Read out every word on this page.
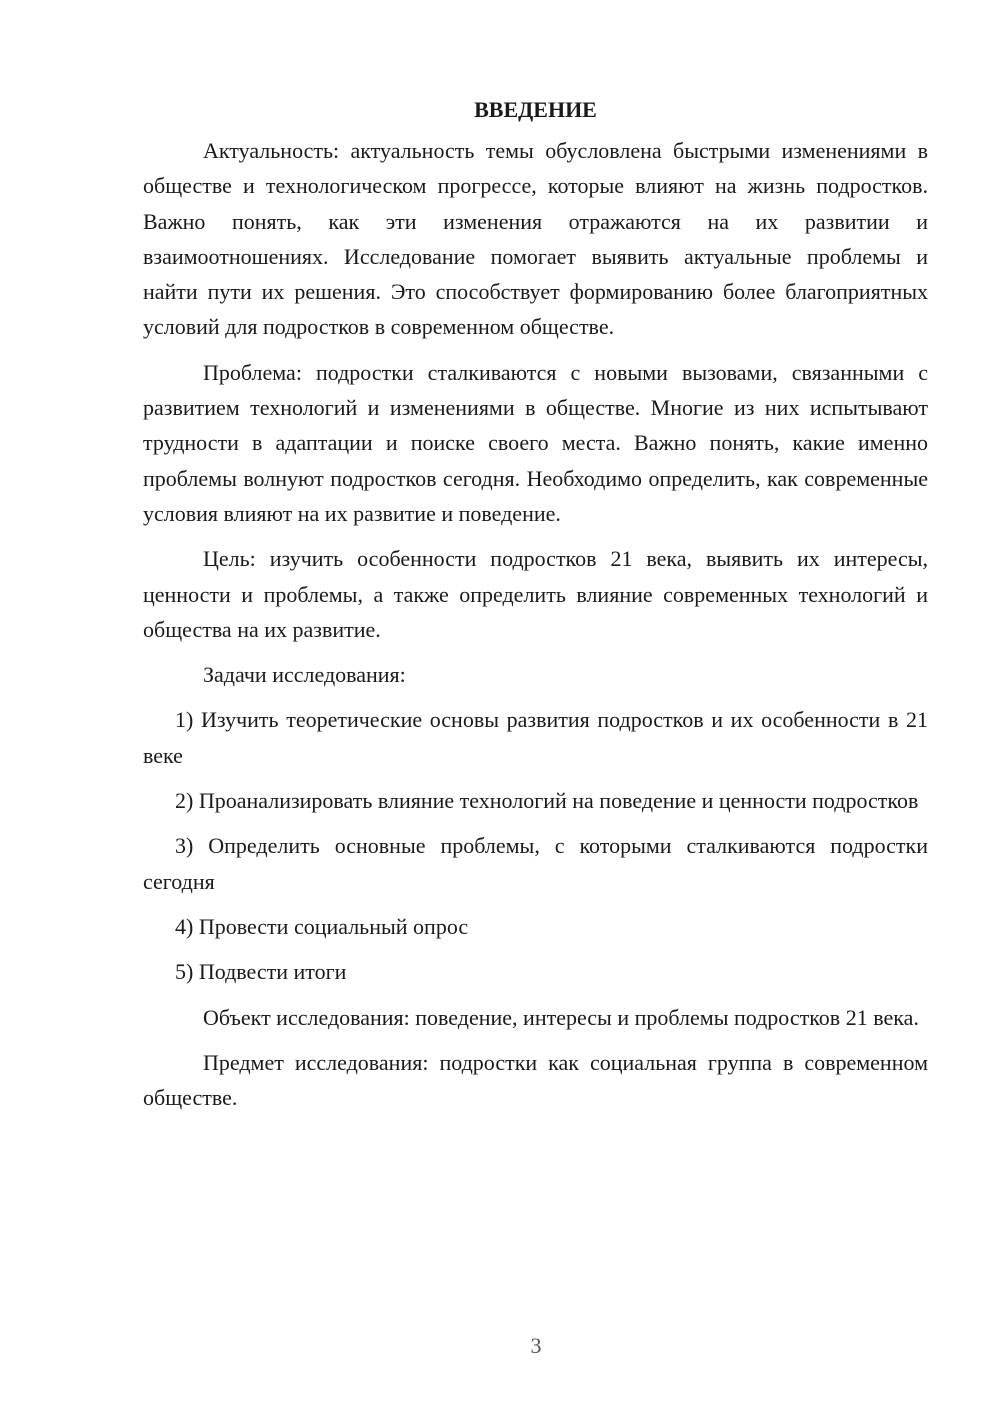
ВВЕДЕНИЕ

Актуальность: актуальность темы обусловлена быстрыми изменениями в обществе и технологическом прогрессе, которые влияют на жизнь подростков. Важно понять, как эти изменения отражаются на их развитии и взаимоотношениях. Исследование помогает выявить актуальные проблемы и найти пути их решения. Это способствует формированию более благоприятных условий для подростков в современном обществе.

Проблема: подростки сталкиваются с новыми вызовами, связанными с развитием технологий и изменениями в обществе. Многие из них испытывают трудности в адаптации и поиске своего места. Важно понять, какие именно проблемы волнуют подростков сегодня. Необходимо определить, как современные условия влияют на их развитие и поведение.

Цель: изучить особенности подростков 21 века, выявить их интересы, ценности и проблемы, а также определить влияние современных технологий и общества на их развитие.

Задачи исследования:

1) Изучить теоретические основы развития подростков и их особенности в 21 веке

2) Проанализировать влияние технологий на поведение и ценности подростков

3) Определить основные проблемы, с которыми сталкиваются подростки сегодня

4) Провести социальный опрос

5) Подвести итоги

Объект исследования: поведение, интересы и проблемы подростков 21 века.

Предмет исследования: подростки как социальная группа в современном обществе.

3
